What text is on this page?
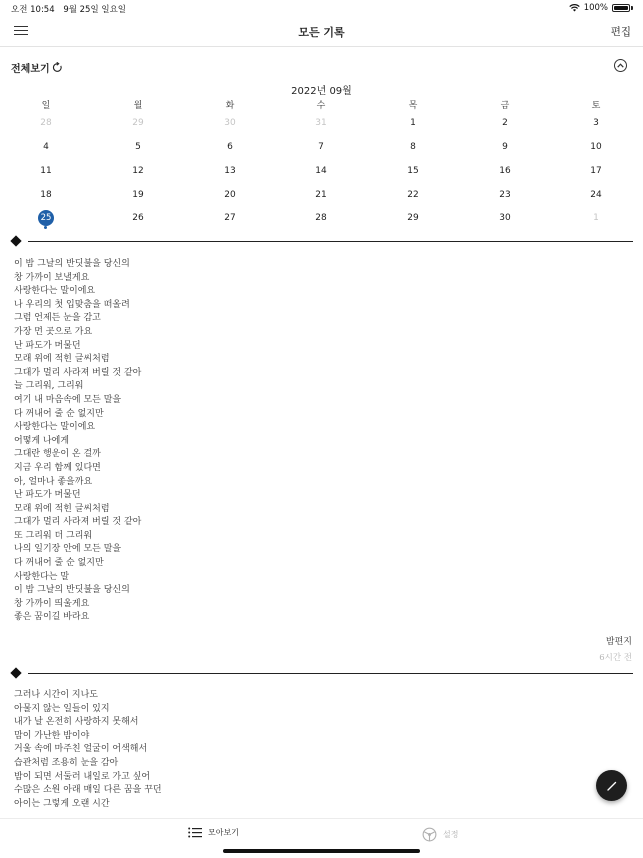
오전 10:54 9월 25일 일요일	100%
모든 기록	편집
전체보기
2022년 09월
일	월	화	수	목	금	토
28	29	30	31	1	2	3
4	5	6	7	8	9	10
11	12	13	14	15	16	17
18	19	20	21	22	23	24
25	26	27	28	29	30	1
이 밤 그날의 반딧불을 당신의
창 가까이 보낼게요
사랑한다는 말이에요
나 우리의 첫 입맞춤을 떠올려
그럼 언제든 눈을 감고
가장 먼 곳으로 가요
난 파도가 머물던
모래 위에 적힌 글씨처럼
그대가 멀리 사라져 버릴 것 같아
늘 그리워, 그리워
여기 내 마음속에 모든 말을
다 꺼내어 줄 순 없지만
사랑한다는 말이에요
어떻게 나에게
그대란 행운이 온 걸까
지금 우리 함께 있다면
아, 얼마나 좋을까요
난 파도가 머물던
모래 위에 적힌 글씨처럼
그대가 멀리 사라져 버릴 것 같아
또 그리워 더 그리워
나의 일기장 안에 모든 말을
다 꺼내어 줄 순 없지만
사랑한다는 말
이 밤 그날의 반딧불을 당신의
창 가까이 띄울게요
좋은 꿈이길 바라요
밤편지
6시간 전
그러나 시간이 지나도
아물지 않는 일들이 있지
내가 날 온전히 사랑하지 못해서
맘이 가난한 밤이야
거울 속에 마주친 얼굴이 어색해서
습관처럼 조용히 눈을 감아
밤이 되면 서둘러 내일로 가고 싶어
수많은 소원 아래 매일 다른 꿈을 꾸던
아이는 그렇게 오랜 시간
모아보기	설정
